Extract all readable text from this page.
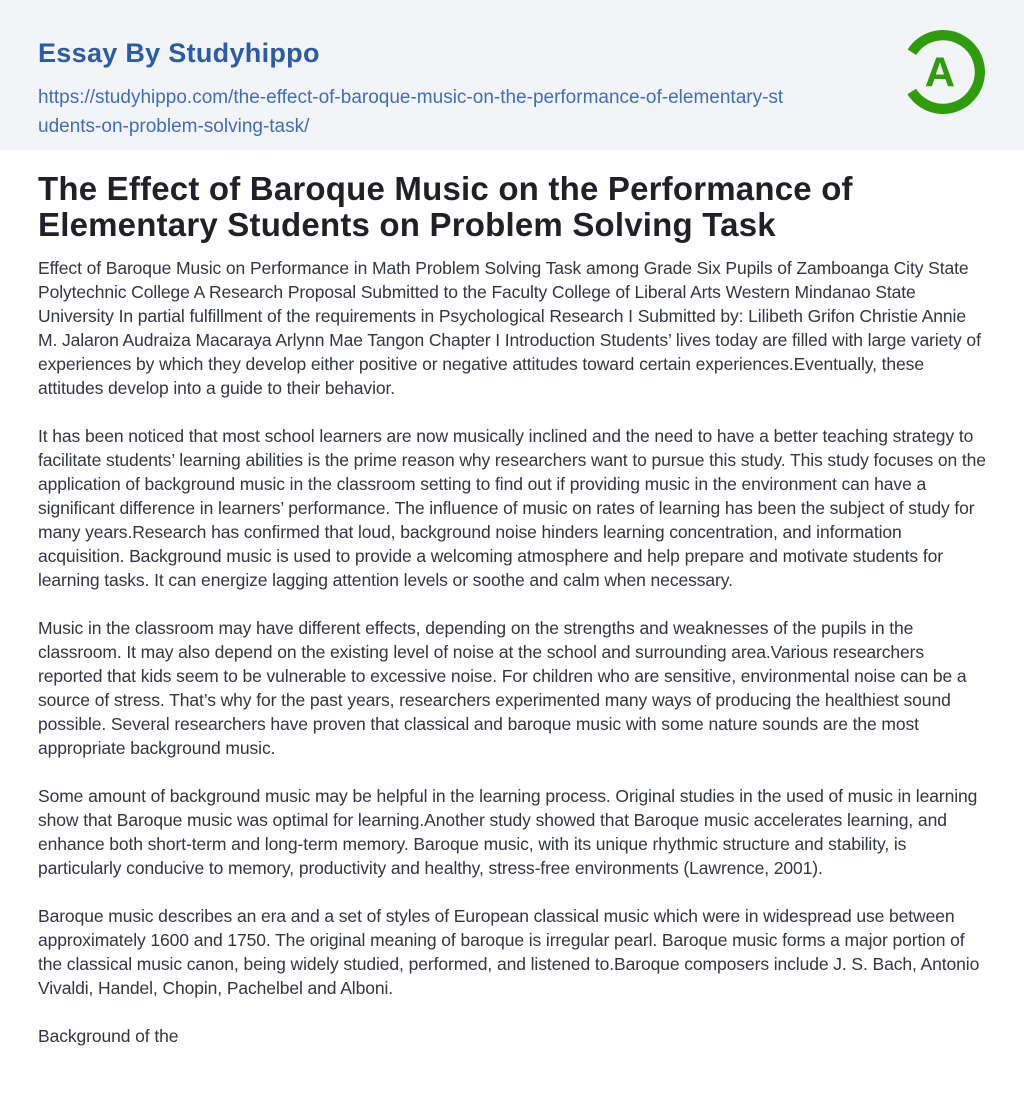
Essay By Studyhippo
https://studyhippo.com/the-effect-of-baroque-music-on-the-performance-of-elementary-students-on-problem-solving-task/
A
The Effect of Baroque Music on the Performance of Elementary Students on Problem Solving Task

Effect of Baroque Music on Performance in Math Problem Solving Task among Grade Six Pupils of Zamboanga City State Polytechnic College A Research Proposal Submitted to the Faculty College of Liberal Arts Western Mindanao State University In partial fulfillment of the requirements in Psychological Research I Submitted by: Lilibeth Grifon Christie Annie M. Jalaron Audraiza Macaraya Arlynn Mae Tangon Chapter I Introduction Students’ lives today are filled with large variety of experiences by which they develop either positive or negative attitudes toward certain experiences.Eventually, these attitudes develop into a guide to their behavior.

It has been noticed that most school learners are now musically inclined and the need to have a better teaching strategy to facilitate students’ learning abilities is the prime reason why researchers want to pursue this study. This study focuses on the application of background music in the classroom setting to find out if providing music in the environment can have a significant difference in learners’ performance. The influence of music on rates of learning has been the subject of study for many years.Research has confirmed that loud, background noise hinders learning concentration, and information acquisition. Background music is used to provide a welcoming atmosphere and help prepare and motivate students for learning tasks. It can energize lagging attention levels or soothe and calm when necessary.

Music in the classroom may have different effects, depending on the strengths and weaknesses of the pupils in the classroom. It may also depend on the existing level of noise at the school and surrounding area.Various researchers reported that kids seem to be vulnerable to excessive noise. For children who are sensitive, environmental noise can be a source of stress. That’s why for the past years, researchers experimented many ways of producing the healthiest sound possible. Several researchers have proven that classical and baroque music with some nature sounds are the most appropriate background music.

Some amount of background music may be helpful in the learning process. Original studies in the used of music in learning show that Baroque music was optimal for learning.Another study showed that Baroque music accelerates learning, and enhance both short-term and long-term memory. Baroque music, with its unique rhythmic structure and stability, is particularly conducive to memory, productivity and healthy, stress-free environments (Lawrence, 2001).

Baroque music describes an era and a set of styles of European classical music which were in widespread use between approximately 1600 and 1750. The original meaning of baroque is irregular pearl. Baroque music forms a major portion of the classical music canon, being widely studied, performed, and listened to.Baroque composers include J. S. Bach, Antonio Vivaldi, Handel, Chopin, Pachelbel and Alboni.

Background of the
